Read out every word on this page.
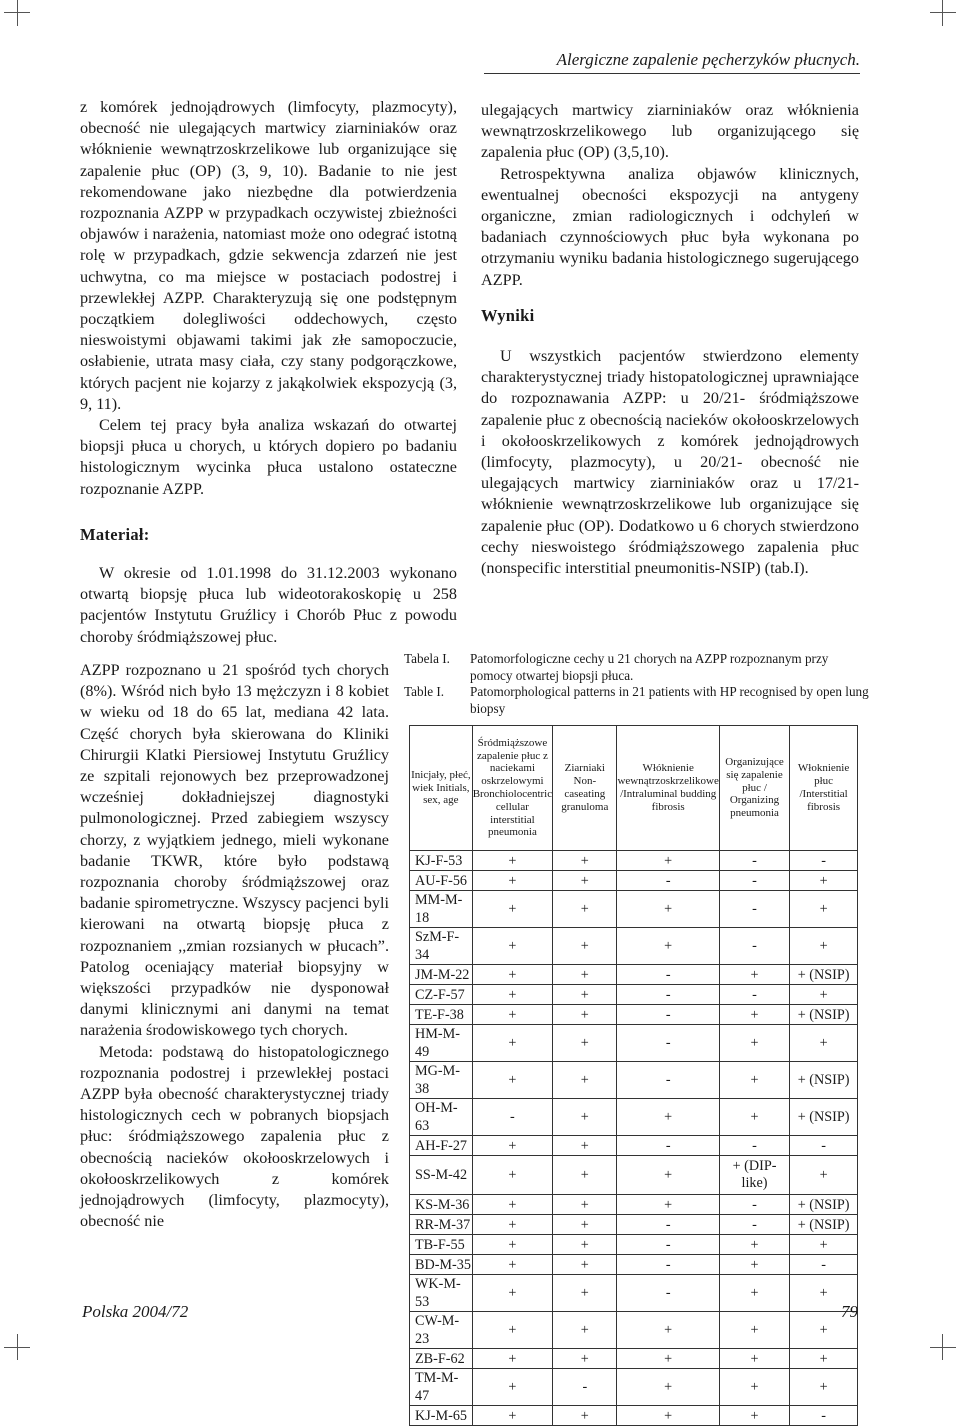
Alergiczne zapalenie pęcherzyków płucnych.

z komórek jednojądrowych (limfocyty, plazmocyty), obecność nie ulegających martwicy ziarniniaków oraz włóknienie wewnątrzoskrzelikowe lub organizujące się zapalenie płuc (OP) (3, 9, 10). Badanie to nie jest rekomendowane jako niezbędne dla potwierdzenia rozpoznania AZPP w przypadkach oczywistej zbieżności objawów i narażenia, natomiast może ono odegrać istotną rolę w przypadkach, gdzie sekwencja zdarzeń nie jest uchwytna, co ma miejsce w postaciach podostrej i przewlekłej AZPP. Charakteryzują się one podstępnym początkiem dolegliwości oddechowych, często nieswoistymi objawami takimi jak złe samopoczucie, osłabienie, utrata masy ciała, czy stany podgorączkowe, których pacjent nie kojarzy z jakąkolwiek ekspozycją (3, 9, 11).

Celem tej pracy była analiza wskazań do otwartej biopsji płuca u chorych, u których dopiero po badaniu histologicznym wycinka płuca ustalono ostateczne rozpoznanie AZPP.

Materiał:

W okresie od 1.01.1998 do 31.12.2003 wykonano otwartą biopsję płuca lub wideotorakoskopię u 258 pacjentów Instytutu Gruźlicy i Chorób Płuc z powodu choroby śródmiąższowej płuc.

AZPP rozpoznano u 21 spośród tych chorych (8%). Wśród nich było 13 mężczyzn i 8 kobiet w wieku od 18 do 65 lat, mediana 42 lata. Część chorych była skierowana do Kliniki Chirurgii Klatki Piersiowej Instytutu Gruźlicy ze szpitali rejonowych bez przeprowadzonej wcześniej dokładniejszej diagnostyki pulmonologicznej. Przed zabiegiem wszyscy chorzy, z wyjątkiem jednego, mieli wykonane badanie TKWR, które było podstawą rozpoznania choroby śródmiąższowej oraz badanie spirometryczne. Wszyscy pacjenci byli kierowani na otwartą biopsję płuca z rozpoznaniem ,,zmian rozsianych w płucach”. Patolog oceniający materiał biopsyjny w większości przypadków nie dysponował danymi klinicznymi ani danymi na temat narażenia środowiskowego tych chorych.

Metoda: podstawą do histopatologicznego rozpoznania podostrej i przewlekłej postaci AZPP była obecność charakterystycznej triady histologicznych cech w pobranych biopsjach płuc: śródmiąższowego zapalenia płuc z obecnością nacieków okołooskrzelowych i okołooskrzelikowych z komórek jednojądrowych (limfocyty, plazmocyty), obecność nie

ulegających martwicy ziarniniaków oraz włóknienia wewnątrzoskrzelikowego lub organizującego się zapalenia płuc (OP) (3,5,10).

Retrospektywna analiza objawów klinicznych, ewentualnej obecności ekspozycji na antygeny organiczne, zmian radiologicznych i odchyleń w badaniach czynnościowych płuc była wykonana po otrzymaniu wyniku badania histologicznego sugerującego AZPP.

Wyniki

U wszystkich pacjentów stwierdzono elementy charakterystycznej triady histopatologicznej uprawniające do rozpoznawania AZPP: u 20/21- śródmiąższowe zapalenie płuc z obecnością nacieków okołooskrzelowych i okołooskrzelikowych z komórek jednojądrowych (limfocyty, plazmocyty), u 20/21- obecność nie ulegających martwicy ziarniniaków oraz u 17/21- włóknienie wewnątrzoskrzelikowe lub organizujące się zapalenie płuc (OP). Dodatkowo u 6 chorych stwierdzono cechy nieswoistego śródmiąższowego zapalenia płuc (nonspecific interstitial pneumonitis-NSIP) (tab.I).

Tabela I.	Patomorfologiczne cechy u 21 chorych na AZPP rozpoznanym przy pomocy otwartej biopsji płuca.
Table I.	Patomorphological patterns in 21 patients with HP recognised by open lung biopsy
Inicjały, płeć, wiek Initials, sex, age	Śródmiąższowe zapalenie płuc z naciekami oskrzelowymi Bronchiolocentric cellular interstitial pneumonia	Ziarniaki Non-caseating granuloma	Włóknienie wewnątrzoskrzelikowe /Intraluminal budding fibrosis	Organizujące się zapalenie płuc / Organizing pneumonia	Włoknienie płuc /Interstitial fibrosis
KJ-F-53	+	+	+	-	-
AU-F-56	+	+	-	-	+
MM-M-18	+	+	+	-	+
SzM-F-34	+	+	+	-	+
JM-M-22	+	+	-	+	+ (NSIP)
CZ-F-57	+	+	-	-	+
TE-F-38	+	+	-	+	+ (NSIP)
HM-M-49	+	+	-	+	+
MG-M-38	+	+	-	+	+ (NSIP)
OH-M-63	-	+	+	+	+ (NSIP)
AH-F-27	+	+	-	-	-
SS-M-42	+	+	+	+ (DIP-like)	+
KS-M-36	+	+	+	-	+ (NSIP)
RR-M-37	+	+	-	-	+ (NSIP)
TB-F-55	+	+	-	+	+
BD-M-35	+	+	-	+	-
WK-M-53	+	+	-	+	+
CW-M-23	+	+	+	+	+
ZB-F-62	+	+	+	+	+
TM-M-47	+	-	+	+	+
KJ-M-65	+	+	+	+	-
Polska 2004/72	79
